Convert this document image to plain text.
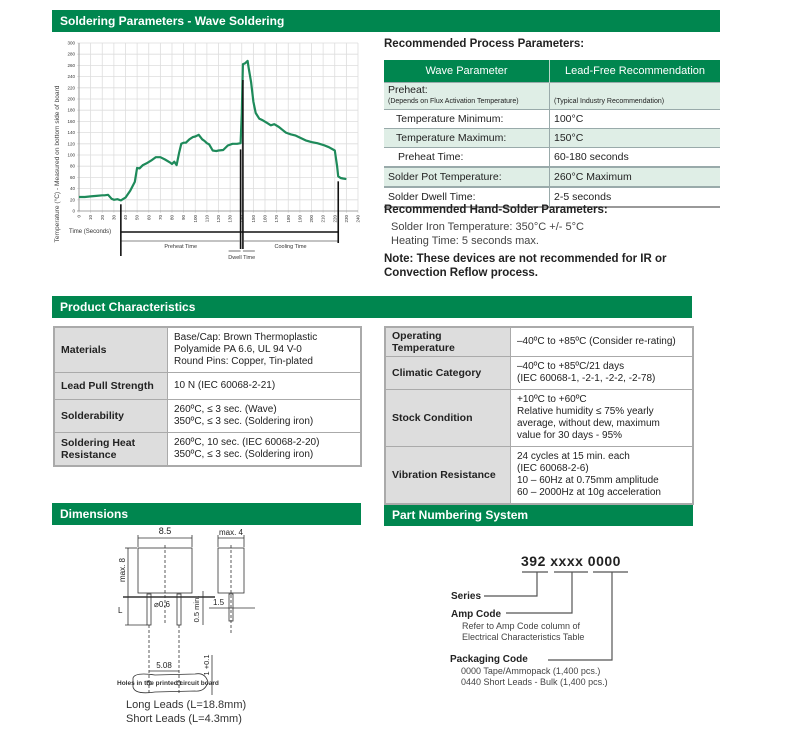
Soldering Parameters - Wave Soldering
Product Characteristics
Dimensions	Part Numbering System
0
20
40
60
80
100
120
140
160
180
200
220
240
260
280
300
0 10 20 30 40 50 60 70 80 90 100 110 120 130 140 150 160 170 180 190 200 210 220 230 240
Temperature (°C) - Measured on bottom side of board Time (Seconds)
Preheat Time
Dwell Time
Cooling Time
Recommended Process Parameters:
Wave Parameter	Lead-Free Recommendation

Preheat:
(Depends on Flux Activation Temperature)	(Typical Industry Recommendation)
Temperature Minimum:	100°C
Temperature Maximum:	150°C
Preheat Time:	60-180 seconds
Solder Pot Temperature:	260°C Maximum
Solder Dwell Time:	2-5 seconds
Recommended Hand-Solder Parameters:
Solder Iron Temperature: 350°C +/- 5°C
Heating Time: 5 seconds max.
Note: These devices are not recommended for IR or
Convection Reflow process.
Materials	Base/Cap: Brown Thermoplastic
Polyamide PA 6.6, UL 94 V-0
Round Pins: Copper, Tin-plated

Lead Pull Strength	10 N (IEC 60068-2-21)

Solderability	260ºC, ≤ 3 sec. (Wave)
350ºC, ≤ 3 sec. (Soldering iron)

Soldering Heat Resistance	260ºC, 10 sec. (IEC 60068-2-20)
350ºC, ≤ 3 sec. (Soldering iron)
Operating Temperature	–40ºC to +85ºC (Consider re-rating)

Climatic Category	–40ºC to +85ºC/21 days
(IEC 60068-1, -2-1, -2-2, -2-78)

Stock Condition	+10ºC to +60ºC
Relative humidity ≤ 75% yearly
average, without dew, maximum
value for 30 days - 95%

Vibration Resistance	24 cycles at 15 min. each
(IEC 60068-2-6)
10 – 60Hz at 0.75mm amplitude
60 – 2000Hz at 10g acceleration
8.5	max. 4
max. 8
L
⌀0.6	1.5
0.5 min.
5.08	1 +0.1
Holes in the printed circuit board
Long Leads (L=18.8mm)
Short Leads (L=4.3mm)
392 xxxx 0000
Series
Amp Code
Refer to Amp Code column of
Electrical Characteristics Table
Packaging Code
0000 Tape/Ammopack (1,400 pcs.)
0440 Short Leads - Bulk (1,400 pcs.)
